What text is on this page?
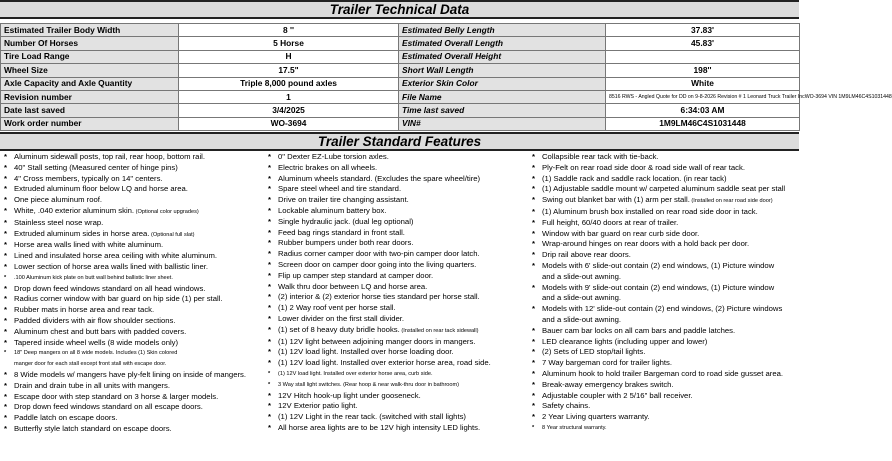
Trailer Technical Data
Estimated Trailer Body Width	8 ''	Estimated Belly Length	37.83'
Number Of Horses	5 Horse	Estimated Overall Length	45.83'
Tire Load Range	H	Estimated Overall Height	
Wheel Size	17.5"	Short Wall Length	198''
Axle Capacity and Axle Quantity	Triple 8,000 pound axles	Exterior Skin Color	White
Revision number	1	File Name	8516 RWS - Angled Quote for DD on 9-8-2026 Revision # 1 Leonard Truck Trailer IncWO-3694 VIN 1M9LM46C4S1031448
Date last saved	3/4/2025	Time last saved	6:34:03 AM
Work order number	WO-3694	VIN#	1M9LM46C4S1031448
Trailer Standard Features
* Aluminum sidewall posts, top rail, rear hoop, bottom rail.
* 40" Stall setting (Measured center of hinge pins)
* 4" Cross members, typically on 14" centers.
* Extruded aluminum floor below LQ and horse area.
* One piece aluminum roof.
* White, .040 exterior aluminum skin. (Optional color upgrades)
* Stainless steel nose wrap.
* Extruded aluminum sides in horse area. (Optional full slat)
* Horse area walls lined with white aluminum.
* Lined and insulated horse area ceiling with white aluminum.
* Lower section of horse area walls lined with ballistic liner.
* .100 Aluminum kick plate on butt wall behind ballistic liner sheet.
* Drop down feed windows standard on all head windows.
* Radius corner window with bar guard on hip side (1) per stall.
* Rubber mats in horse area and rear tack.
* Padded dividers with air flow shoulder sections.
* Aluminum chest and butt bars with padded covers.
* Tapered inside wheel wells (8 wide models only)
* 18" Deep mangers on all 8 wide models. Includes (1) Skin colored
manger door for each stall except front stall with escape door.
* 8 Wide models w/ mangers have ply-felt lining on inside of mangers.
* Drain and drain tube in all units with mangers.
* Escape door with step standard on 3 horse & larger models.
* Drop down feed windows standard on all escape doors.
* Paddle latch on escape doors.
* Butterfly style latch standard on escape doors.
* 0" Dexter EZ-Lube torsion axles.
* Electric brakes on all wheels.
* Aluminum wheels standard. (Excludes the spare wheel/tire)
* Spare steel wheel and tire standard.
* Drive on trailer tire changing assistant.
* Lockable aluminum battery box.
* Single hydraulic jack. (dual leg optional)
* Feed bag rings standard in front stall.
* Rubber bumpers under both rear doors.
* Radius corner camper door with two-pin camper door latch.
* Screen door on camper door going into the living quarters.
* Flip up camper step standard at camper door.
* Walk thru door between LQ and horse area.
* (2) interior & (2) exterior horse ties standard per horse stall.
* (1) 2 Way roof vent per horse stall.
* Lower divider on the first stall divider.
* (1) set of 8 heavy duty bridle hooks. (Installed on rear tack sidewall)
* (1) 12V light between adjoining manger doors in mangers.
* (1) 12V load light. Installed over horse loading door.
* (1) 12V load light. Installed over exterior horse area, road side.
* (1) 12V load light. Installed over exterior horse area, curb side.
* 3 Way stall light switches. (Rear hoop & near walk-thru door in bathroom)
* 12V Hitch hook-up light under gooseneck.
* 12V Exterior patio light.
* (1) 12V Light in the rear tack. (switched with stall lights)
* All horse area lights are to be 12V high intensity LED lights.
* Collapsible rear tack with tie-back.
* Ply-Felt on rear road side door & road side wall of rear tack.
* (1) Saddle rack and saddle rack location. (in rear tack)
* (1) Adjustable saddle mount w/ carpeted aluminum saddle seat per stall
* Swing out blanket bar with (1) arm per stall. (Installed on rear road side door)
* (1) Aluminum brush box installed on rear road side door in tack.
* Full height, 60/40 doors at rear of trailer.
* Window with bar guard on rear curb side door.
* Wrap-around hinges on rear doors with a hold back per door.
* Drip rail above rear doors.
* Models with 6' slide-out contain (2) end windows, (1) Picture window
and a slide-out awning.
* Models with 9' slide-out contain (2) end windows, (1) Picture window
and a slide-out awning.
* Models with 12' slide-out contain (2) end windows, (2) Picture windows
and a slide-out awning.
* Bauer cam bar locks on all cam bars and paddle latches.
* LED clearance lights (including upper and lower)
* (2) Sets of LED stop/tail lights.
* 7 Way bargeman cord for trailer lights.
* Aluminum hook to hold trailer Bargeman cord to road side gusset area.
* Break-away emergency brakes switch.
* Adjustable coupler with 2 5/16" ball receiver.
* Safety chains.
* 2 Year Living quarters warranty.
* 8 Year structural warranty.
